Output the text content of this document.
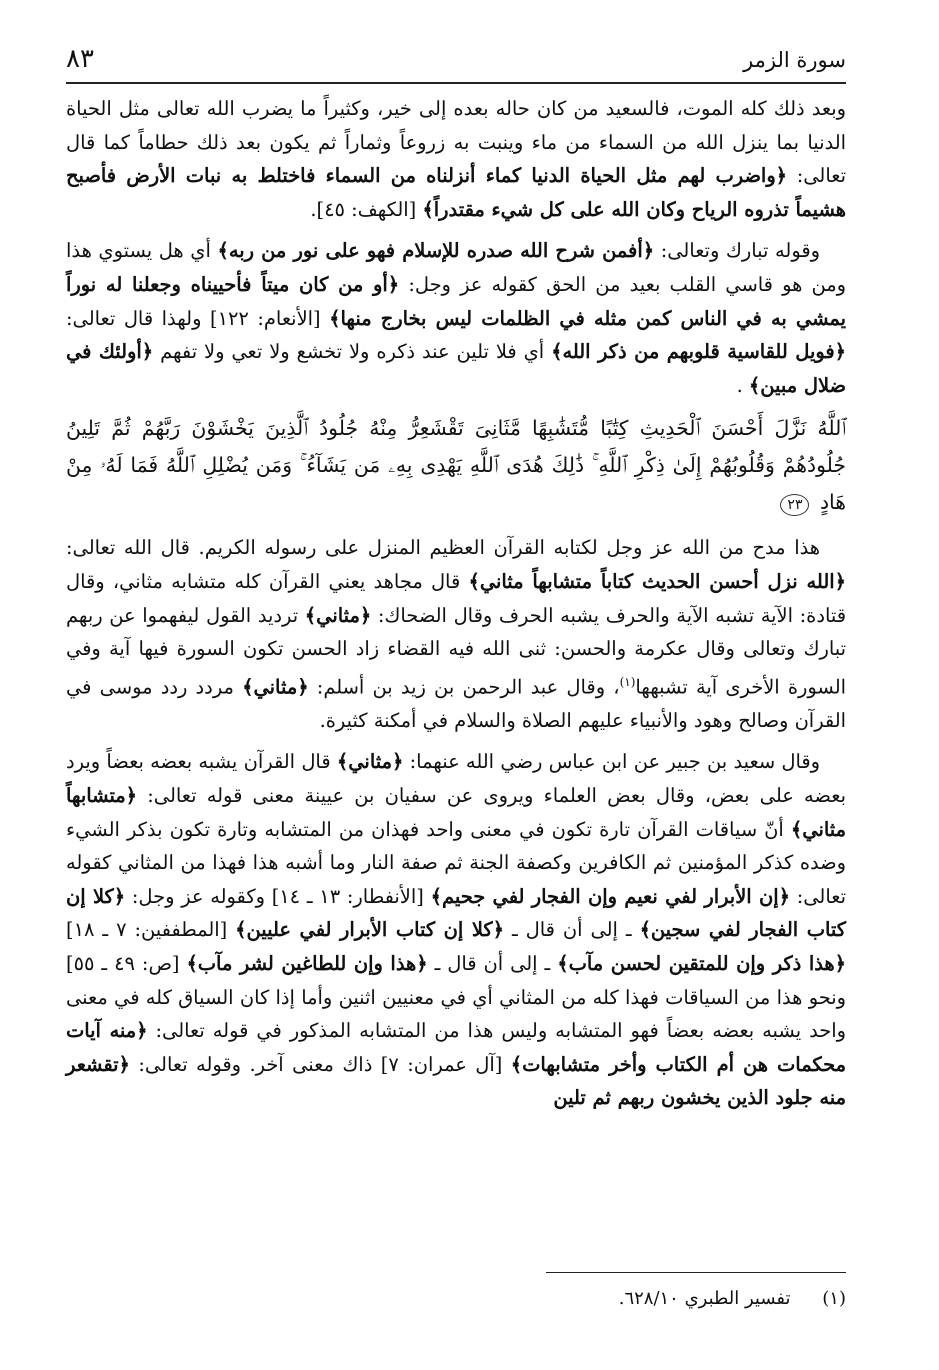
سورة الزمر
٨٣

وبعد ذلك كله الموت، فالسعيد من كان حاله بعده إلى خير، وكثيراً ما يضرب الله تعالى مثل الحياة الدنيا بما ينزل الله من السماء من ماء وينبت به زروعاً وثماراً ثم يكون بعد ذلك حطاماً كما قال تعالى: ﴿واضرب لهم مثل الحياة الدنيا كماء أنزلناه من السماء فاختلط به نبات الأرض فأصبح هشيماً تذروه الرياح وكان الله على كل شيء مقتدراً﴾ [الكهف: ٤٥].

وقوله تبارك وتعالى: ﴿أفمن شرح الله صدره للإسلام فهو على نور من ربه﴾ أي هل يستوي هذا ومن هو قاسي القلب بعيد من الحق كقوله عز وجل: ﴿أو من كان ميتاً فأحييناه وجعلنا له نوراً يمشي به في الناس كمن مثله في الظلمات ليس بخارج منها﴾ [الأنعام: ١٢٢] ولهذا قال تعالى: ﴿فويل للقاسية قلوبهم من ذكر الله﴾ أي فلا تلين عند ذكره ولا تخشع ولا تعي ولا تفهم ﴿أولئك في ضلال مبين﴾ .

ٱللَّهُ نَزَّلَ أَحْسَنَ ٱلْحَدِيثِ كِتَٰبًا مُّتَشَٰبِهًا مَّثَانِىَ تَقْشَعِرُّ مِنْهُ جُلُودُ ٱلَّذِينَ يَخْشَوْنَ رَبَّهُمْ ثُمَّ تَلِينُ جُلُودُهُمْ وَقُلُوبُهُمْ إِلَىٰ ذِكْرِ ٱللَّهِ ۚ ذَٰلِكَ هُدَى ٱللَّهِ يَهْدِى بِهِۦ مَن يَشَآءُ ۚ وَمَن يُضْلِلِ ٱللَّهُ فَمَا لَهُۥ مِنْ هَادٍ ٢٣

هذا مدح من الله عز وجل لكتابه القرآن العظيم المنزل على رسوله الكريم. قال الله تعالى: ﴿الله نزل أحسن الحديث كتاباً متشابهاً مثاني﴾ قال مجاهد يعني القرآن كله متشابه مثاني، وقال قتادة: الآية تشبه الآية والحرف يشبه الحرف وقال الضحاك: ﴿مثاني﴾ ترديد القول ليفهموا عن ربهم تبارك وتعالى وقال عكرمة والحسن: ثنى الله فيه القضاء زاد الحسن تكون السورة فيها آية وفي السورة الأخرى آية تشبهها$^{(١)}$، وقال عبد الرحمن بن زيد بن أسلم: ﴿مثاني﴾ مردد ردد موسى في القرآن وصالح وهود والأنبياء عليهم الصلاة والسلام في أمكنة كثيرة.

وقال سعيد بن جبير عن ابن عباس رضي الله عنهما: ﴿مثاني﴾ قال القرآن يشبه بعضه بعضاً ويرد بعضه على بعض، وقال بعض العلماء ويروى عن سفيان بن عيينة معنى قوله تعالى: ﴿متشابهاً مثاني﴾ أنّ سياقات القرآن تارة تكون في معنى واحد فهذان من المتشابه وتارة تكون بذكر الشيء وضده كذكر المؤمنين ثم الكافرين وكصفة الجنة ثم صفة النار وما أشبه هذا فهذا من المثاني كقوله تعالى: ﴿إن الأبرار لفي نعيم وإن الفجار لفي جحيم﴾ [الأنفطار: ١٣ ـ ١٤] وكقوله عز وجل: ﴿كلا إن كتاب الفجار لفي سجين﴾ ـ إلى أن قال ـ ﴿كلا إن كتاب الأبرار لفي عليين﴾ [المطففين: ٧ ـ ١٨] ﴿هذا ذكر وإن للمتقين لحسن مآب﴾ ـ إلى أن قال ـ ﴿هذا وإن للطاغين لشر مآب﴾ [ص: ٤٩ ـ ٥٥] ونحو هذا من السياقات فهذا كله من المثاني أي في معنيين اثنين وأما إذا كان السياق كله في معنى واحد يشبه بعضه بعضاً فهو المتشابه وليس هذا من المتشابه المذكور في قوله تعالى: ﴿منه آيات محكمات هن أم الكتاب وأخر متشابهات﴾ [آل عمران: ٧] ذاك معنى آخر. وقوله تعالى: ﴿تقشعر منه جلود الذين يخشون ربهم ثم تلين

(١) تفسير الطبري ٦٢٨/١٠.
